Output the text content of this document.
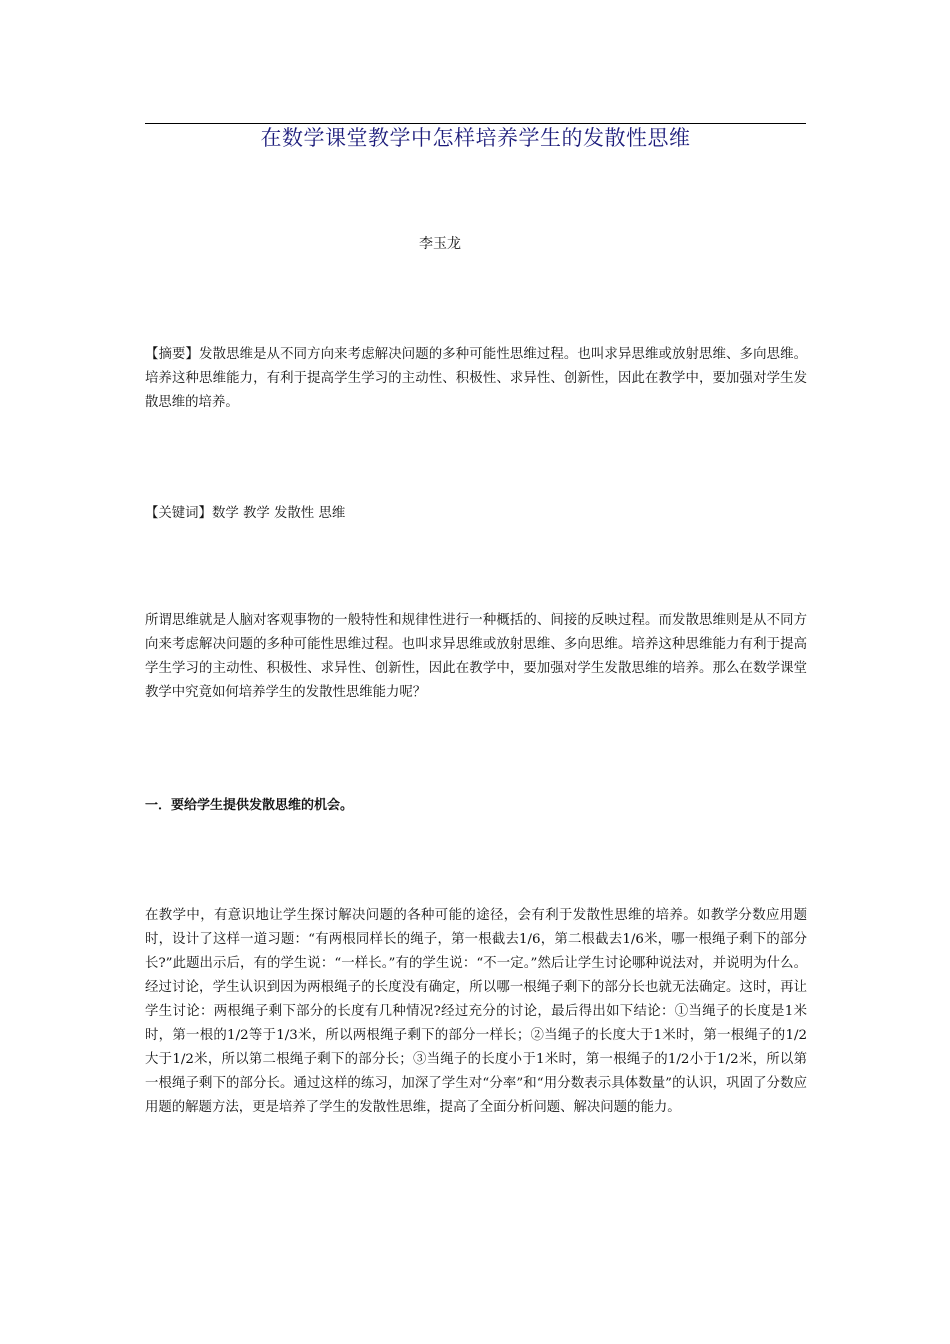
在数学课堂教学中怎样培养学生的发散性思维
李玉龙
【摘要】发散思维是从不同方向来考虑解决问题的多种可能性思维过程。也叫求异思维或放射思维、多向思维。培养这种思维能力，有利于提高学生学习的主动性、积极性、求异性、创新性，因此在教学中，要加强对学生发散思维的培养。
【关键词】数学 教学 发散性 思维
所谓思维就是人脑对客观事物的一般特性和规律性进行一种概括的、间接的反映过程。而发散思维则是从不同方向来考虑解决问题的多种可能性思维过程。也叫求异思维或放射思维、多向思维。培养这种思维能力有利于提高学生学习的主动性、积极性、求异性、创新性，因此在教学中，要加强对学生发散思维的培养。那么在数学课堂教学中究竟如何培养学生的发散性思维能力呢？
一．要给学生提供发散思维的机会。
在教学中，有意识地让学生探讨解决问题的各种可能的途径，会有利于发散性思维的培养。如教学分数应用题时，设计了这样一道习题：“有两根同样长的绳子，第一根截去1/6，第二根截去1/6米，哪一根绳子剩下的部分长?”此题出示后，有的学生说：“一样长。”有的学生说：“不一定。”然后让学生讨论哪种说法对，并说明为什么。经过讨论，学生认识到因为两根绳子的长度没有确定，所以哪一根绳子剩下的部分长也就无法确定。这时，再让学生讨论：两根绳子剩下部分的长度有几种情况?经过充分的讨论，最后得出如下结论：①当绳子的长度是1米时，第一根的1/2等于1/3米，所以两根绳子剩下的部分一样长；②当绳子的长度大于1米时，第一根绳子的1/2大于1/2米，所以第二根绳子剩下的部分长；③当绳子的长度小于1米时，第一根绳子的1/2小于1/2米，所以第一根绳子剩下的部分长。通过这样的练习，加深了学生对“分率”和“用分数表示具体数量”的认识，巩固了分数应用题的解题方法，更是培养了学生的发散性思维，提高了全面分析问题、解决问题的能力。
